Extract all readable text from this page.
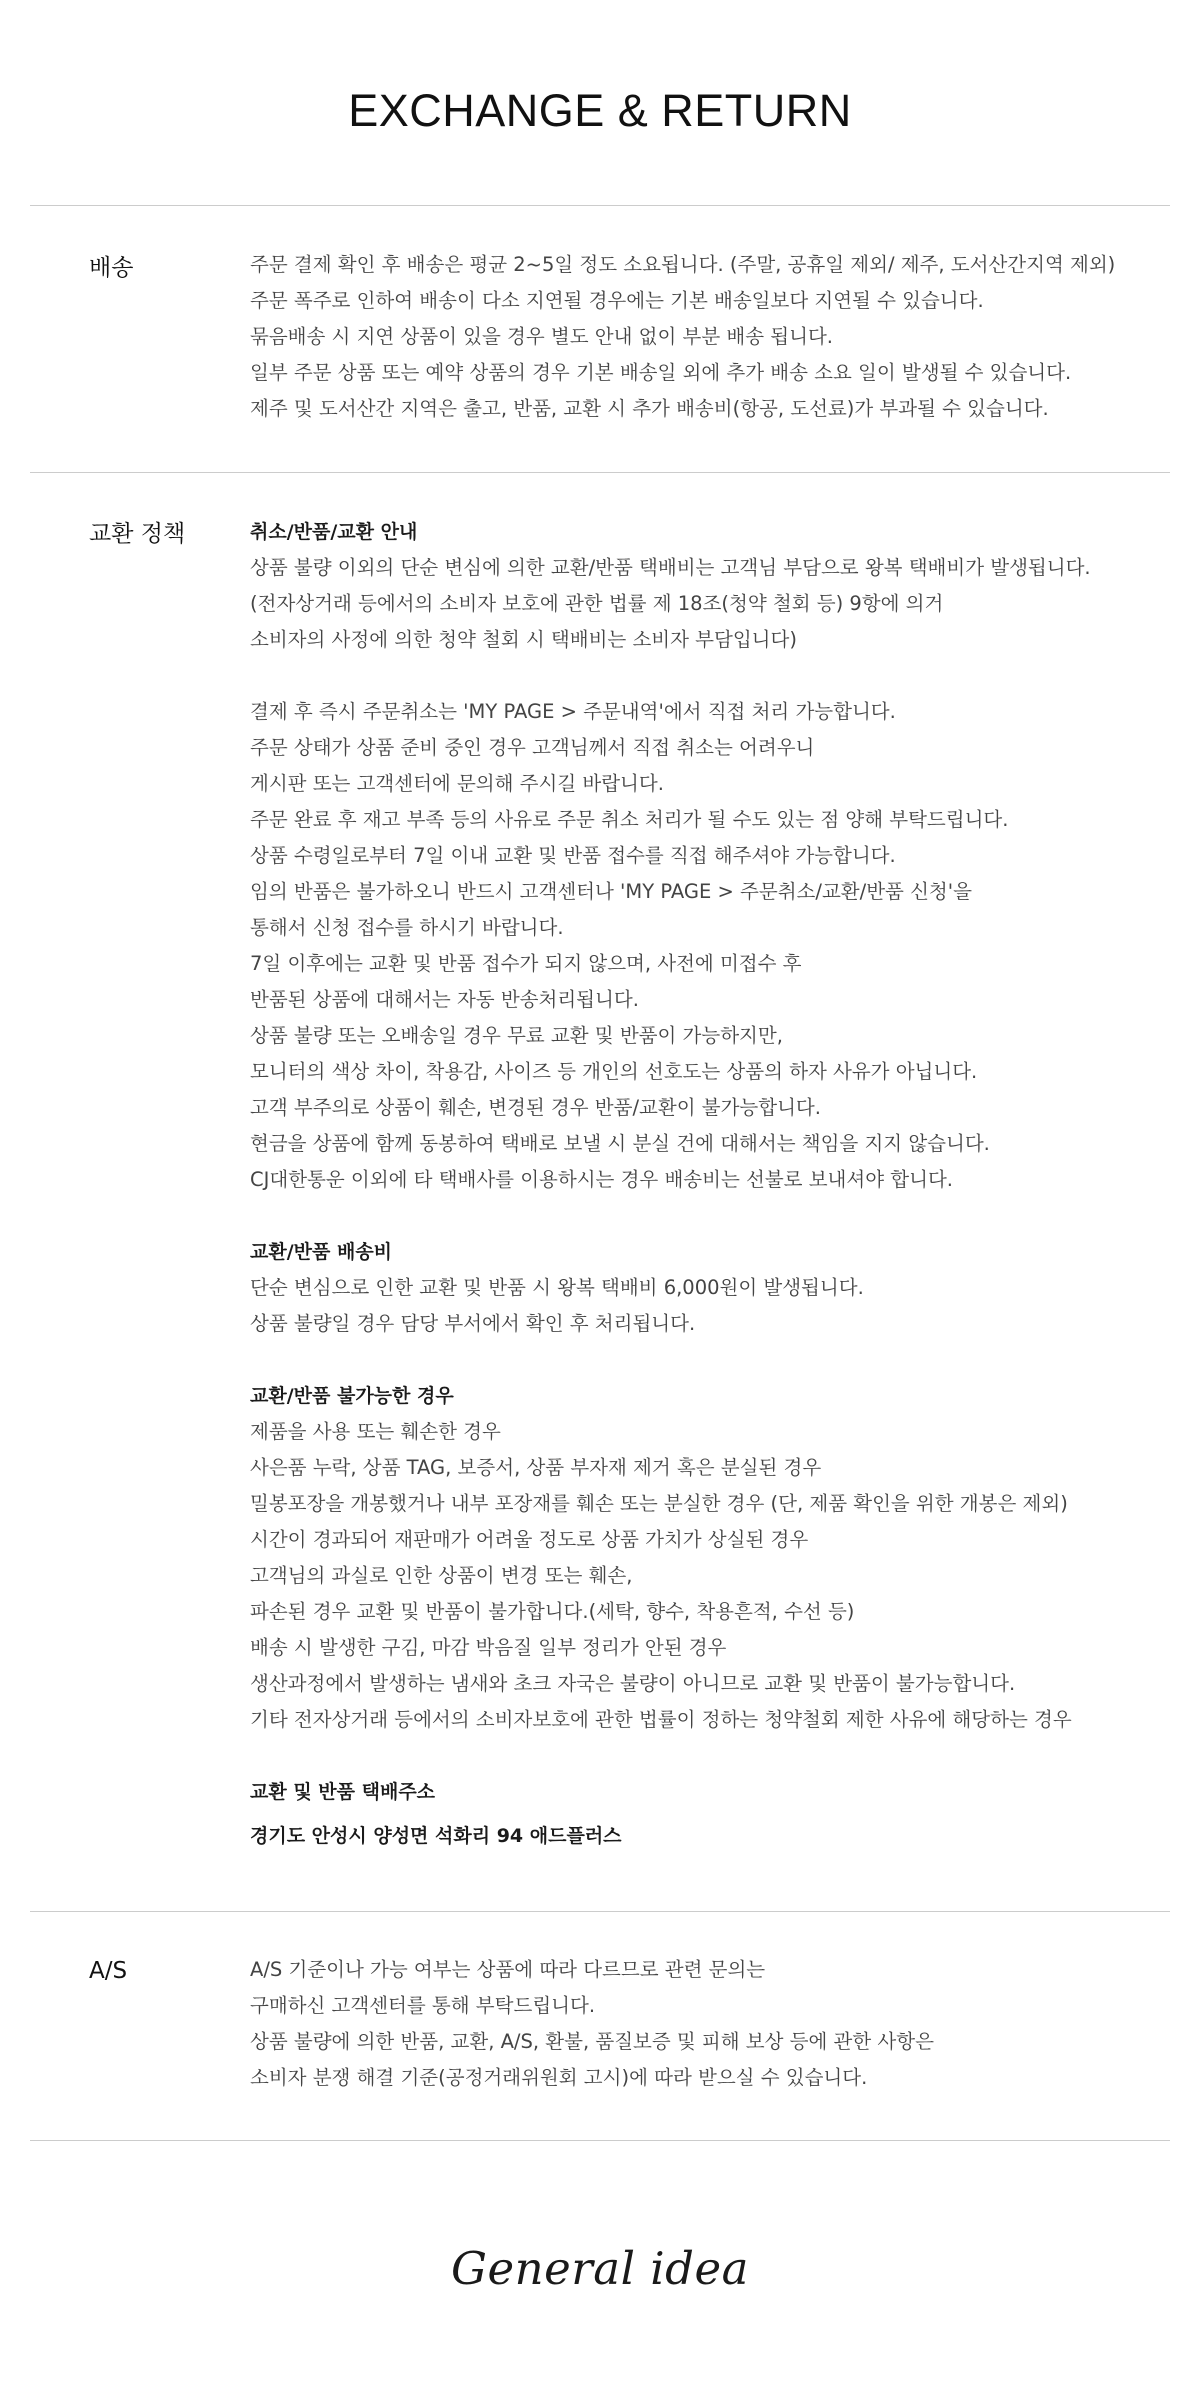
EXCHANGE & RETURN
배송	주문 결제 확인 후 배송은 평균 2~5일 정도 소요됩니다. (주말, 공휴일 제외/ 제주, 도서산간지역 제외)
주문 폭주로 인하여 배송이 다소 지연될 경우에는 기본 배송일보다 지연될 수 있습니다.
묶음배송 시 지연 상품이 있을 경우 별도 안내 없이 부분 배송 됩니다.
일부 주문 상품 또는 예약 상품의 경우 기본 배송일 외에 추가 배송 소요 일이 발생될 수 있습니다.
제주 및 도서산간 지역은 출고, 반품, 교환 시 추가 배송비(항공, 도선료)가 부과될 수 있습니다.
교환 정책	취소/반품/교환 안내
상품 불량 이외의 단순 변심에 의한 교환/반품 택배비는 고객님 부담으로 왕복 택배비가 발생됩니다.
(전자상거래 등에서의 소비자 보호에 관한 법률 제 18조(청약 철회 등) 9항에 의거
소비자의 사정에 의한 청약 철회 시 택배비는 소비자 부담입니다)
결제 후 즉시 주문취소는 'MY PAGE > 주문내역'에서 직접 처리 가능합니다.
주문 상태가 상품 준비 중인 경우 고객님께서 직접 취소는 어려우니
게시판 또는 고객센터에 문의해 주시길 바랍니다.
주문 완료 후 재고 부족 등의 사유로 주문 취소 처리가 될 수도 있는 점 양해 부탁드립니다.
상품 수령일로부터 7일 이내 교환 및 반품 접수를 직접 해주셔야 가능합니다.
임의 반품은 불가하오니 반드시 고객센터나 'MY PAGE > 주문취소/교환/반품 신청'을
통해서 신청 접수를 하시기 바랍니다.
7일 이후에는 교환 및 반품 접수가 되지 않으며, 사전에 미접수 후
반품된 상품에 대해서는 자동 반송처리됩니다.
상품 불량 또는 오배송일 경우 무료 교환 및 반품이 가능하지만,
모니터의 색상 차이, 착용감, 사이즈 등 개인의 선호도는 상품의 하자 사유가 아닙니다.
고객 부주의로 상품이 훼손, 변경된 경우 반품/교환이 불가능합니다.
현금을 상품에 함께 동봉하여 택배로 보낼 시 분실 건에 대해서는 책임을 지지 않습니다.
CJ대한통운 이외에 타 택배사를 이용하시는 경우 배송비는 선불로 보내셔야 합니다.
교환/반품 배송비
단순 변심으로 인한 교환 및 반품 시 왕복 택배비 6,000원이 발생됩니다.
상품 불량일 경우 담당 부서에서 확인 후 처리됩니다.
교환/반품 불가능한 경우
제품을 사용 또는 훼손한 경우
사은품 누락, 상품 TAG, 보증서, 상품 부자재 제거 혹은 분실된 경우
밀봉포장을 개봉했거나 내부 포장재를 훼손 또는 분실한 경우 (단, 제품 확인을 위한 개봉은 제외)
시간이 경과되어 재판매가 어려울 정도로 상품 가치가 상실된 경우
고객님의 과실로 인한 상품이 변경 또는 훼손,
파손된 경우 교환 및 반품이 불가합니다.(세탁, 향수, 착용흔적, 수선 등)
배송 시 발생한 구김, 마감 박음질 일부 정리가 안된 경우
생산과정에서 발생하는 냄새와 초크 자국은 불량이 아니므로 교환 및 반품이 불가능합니다.
기타 전자상거래 등에서의 소비자보호에 관한 법률이 정하는 청약철회 제한 사유에 해당하는 경우
교환 및 반품 택배주소
경기도 안성시 양성면 석화리 94 애드플러스
A/S	A/S 기준이나 가능 여부는 상품에 따라 다르므로 관련 문의는
구매하신 고객센터를 통해 부탁드립니다.
상품 불량에 의한 반품, 교환, A/S, 환불, 품질보증 및 피해 보상 등에 관한 사항은
소비자 분쟁 해결 기준(공정거래위원회 고시)에 따라 받으실 수 있습니다.
General idea
